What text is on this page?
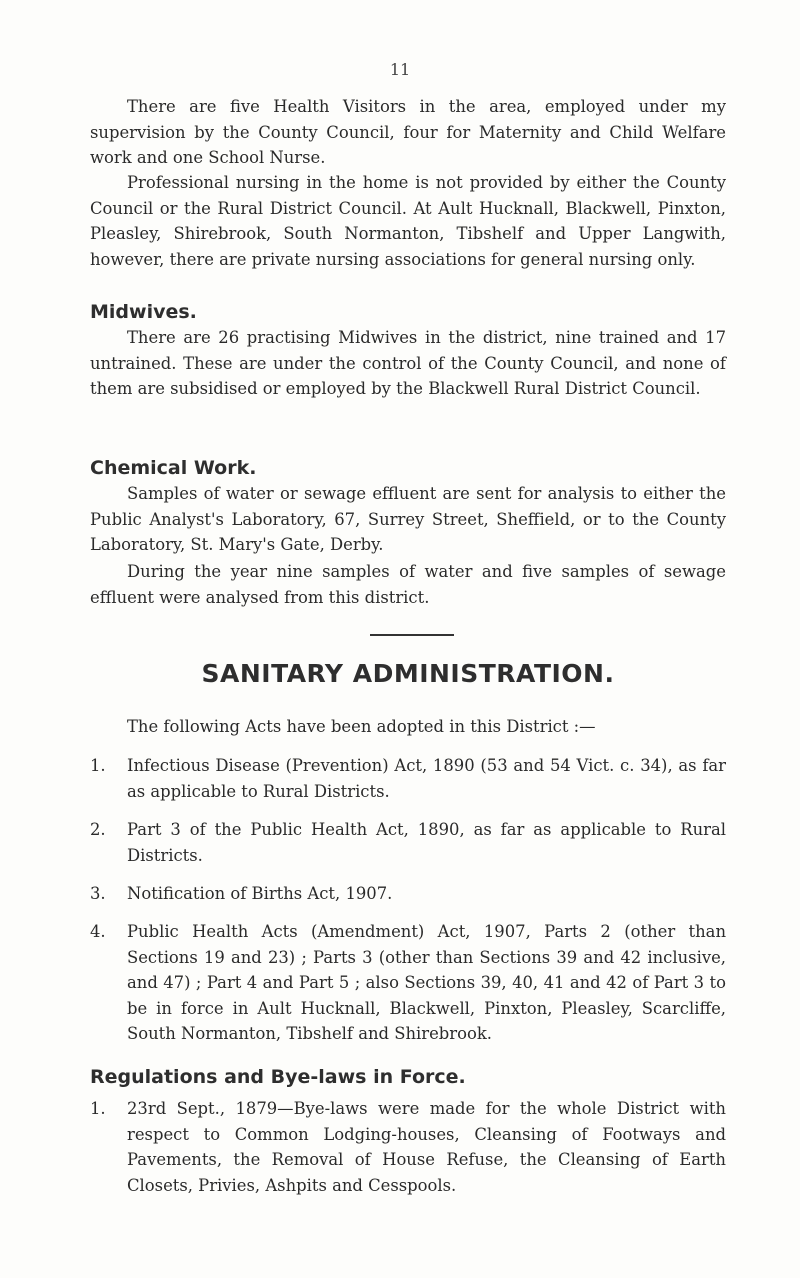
11

There are five Health Visitors in the area, employed under my supervision by the County Council, four for Maternity and Child Welfare work and one School Nurse.

Professional nursing in the home is not provided by either the County Council or the Rural District Council. At Ault Hucknall, Blackwell, Pinxton, Pleasley, Shirebrook, South Normanton, Tibshelf and Upper Langwith, however, there are private nursing associations for general nursing only.

Midwives.

There are 26 practising Midwives in the district, nine trained and 17 untrained. These are under the control of the County Council, and none of them are subsidised or employed by the Blackwell Rural District Council.

Chemical Work.

Samples of water or sewage effluent are sent for analysis to either the Public Analyst's Laboratory, 67, Surrey Street, Sheffield, or to the County Laboratory, St. Mary's Gate, Derby.

During the year nine samples of water and five samples of sewage effluent were analysed from this district.

SANITARY ADMINISTRATION.

The following Acts have been adopted in this District :—

1. Infectious Disease (Prevention) Act, 1890 (53 and 54 Vict. c. 34), as far as applicable to Rural Districts.
2. Part 3 of the Public Health Act, 1890, as far as applicable to Rural Districts.
3. Notification of Births Act, 1907.
4. Public Health Acts (Amendment) Act, 1907, Parts 2 (other than Sections 19 and 23) ; Parts 3 (other than Sections 39 and 42 inclusive, and 47) ; Part 4 and Part 5 ; also Sections 39, 40, 41 and 42 of Part 3 to be in force in Ault Hucknall, Blackwell, Pinxton, Pleasley, Scarcliffe, South Normanton, Tibshelf and Shirebrook.
Regulations and Bye-laws in Force.
1. 23rd Sept., 1879—Bye-laws were made for the whole District with respect to Common Lodging-houses, Cleansing of Footways and Pavements, the Removal of House Refuse, the Cleansing of Earth Closets, Privies, Ashpits and Cesspools.
